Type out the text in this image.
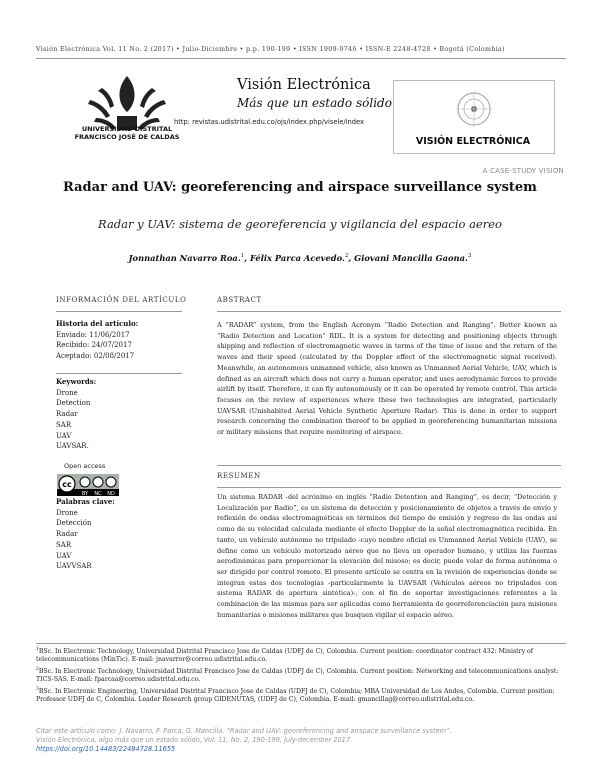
Visión Electrónica Vol. 11 No. 2 (2017) • Julio-Diciembre • p.p. 190-199 • ISSN 1909-9746 • ISSN-E 2248-4728 • Bogotá (Colombia)
UNIVERSIDAD DISTRITAL
FRANCISCO JOSÉ DE CALDAS
Visión Electrónica
Más que un estado sólido
http: revistas.udistrital.edu.co/ojs/index.php/visele/index
VISIÓN ELECTRÓNICA
A CASE-STUDY VISION
Radar and UAV: georeferencing and airspace surveillance system
Radar y UAV: sistema de georeferencia y vigilancia del espacio aereo
Jonnathan Navarro Roa.$^1$, Félix Parca Acevedo.$^2$, Giovani Mancilla Gaona.$^3$
INFORMACIÓN DEL ARTÍCULO	ABSTRACT
Historia del artículo:
Enviado: 11/06/2017
Recibido: 24/07/2017
Aceptado: 02/08/2017
Keywords:
Drone
Detection
Radar
SAR
UAV
UAVSAR.
Open access
cc
BY NC ND
Palabras clave:
Drone
Detección
Radar
SAR
UAV
UAVVSAR

A “RADAR” system, from the English Acronym “Radio Detection and Ranging”. Better known as “Radio Detection and Location” RDL. It is a system for detecting and positioning objects through shipping and reflection of electromagnetic waves in terms of the time of issue and the return of the waves and their speed (calculated by the Doppler effect of the electromagnetic signal received). Meanwhile, an autonomous unmanned vehicle, also known as Unmanned Aerial Vehicle, UAV, which is defined as an aircraft which does not carry a human operator, and uses aerodynamic forces to provide airlift by itself. Therefore, it can fly autonomously or it can be operated by remote control. This article focuses on the review of experiences where these two technologies are integrated, particularly UAVSAR (Unishabited Aerial Vehicle Synthetic Aperture Radar). This is done in order to support research concerning the combination thereof to be applied in georeferencing humanitarian missions or military missions that require monitoring of airspace.

RESUMEN

Un sistema RADAR -del acrónimo en inglés “Radio Detention and Ranging”, es decir, “Detección y Localización por Radio”, es un sistema de detección y posicionamiento de objetos a través de envío y reflexión de ondas electromagnéticas en términos del tiempo de emisión y regreso de las ondas así como de su velocidad calculada mediante el efecto Doppler de la señal electromagnética recibida. En tanto, un vehículo autónomo no tripulado -cuyo nombre oficial es Unmanned Aerial Vehicle (UAV), se define como un vehículo motorizado aéreo que no lleva un operador humano, y utiliza las fuerzas aerodinámicas para proporcionar la elevación del misoso; es decir, puede volar de forma autónoma o ser dirigido por control remoto. El presente artículo se centra en la revisión de experiencias donde se integran estas dos tecnologías -particularmente la UAVSAR (Vehículos aéreos no tripulados con sistema RADAR de apertura sintética)-, con el fin de soportar investigaciones referentes a la combinación de las mismas para ser aplicadas como herramienta de georreferenciación para misiones humanitarias o misiones militares que busquen vigilar el espacio aéreo.

$^1$BSc. In Electronic Technology, Universidad Distrital Francisco Jose de Caldas (UDFJ de C), Colombia. Current position: coordinator contract 432: Ministry of telecommunications (MinTic). E-mail: jnavarror@correo.udistrital.edu.co.

$^2$BSc. In Electronic Technology, Universidad Distrital Francisco Jose de Caldas (UDFJ de C), Colombia. Current position: Networking and telecommunications analyst: TICS-SAS. E-mail: fparcaa@correo.udistrital.edu.co.

$^3$BSc. In Electronic Engineering, Universidad Distrital Francisco Jose de Caldas (UDFJ de C), Colombia; MBA Universidad de Los Andes, Colombia. Current position: Professor UDFJ de C, Colombia. Leader Research group GIDENUTAS, (UDFJ de C), Colombia. E-mail: gmancillag@correo.udistrital.edu.co.

Citar este artículo como: J. Navarro, F. Parca, G. Mancilla. “Radar and UAV: georeferencing and airspace surveillance system”.
Visión Electrónica, algo más que un estado sólido, Vol. 11, No. 2, 190-199, july-december 2017.
https://doi.org/10.14483/22484728.11655
